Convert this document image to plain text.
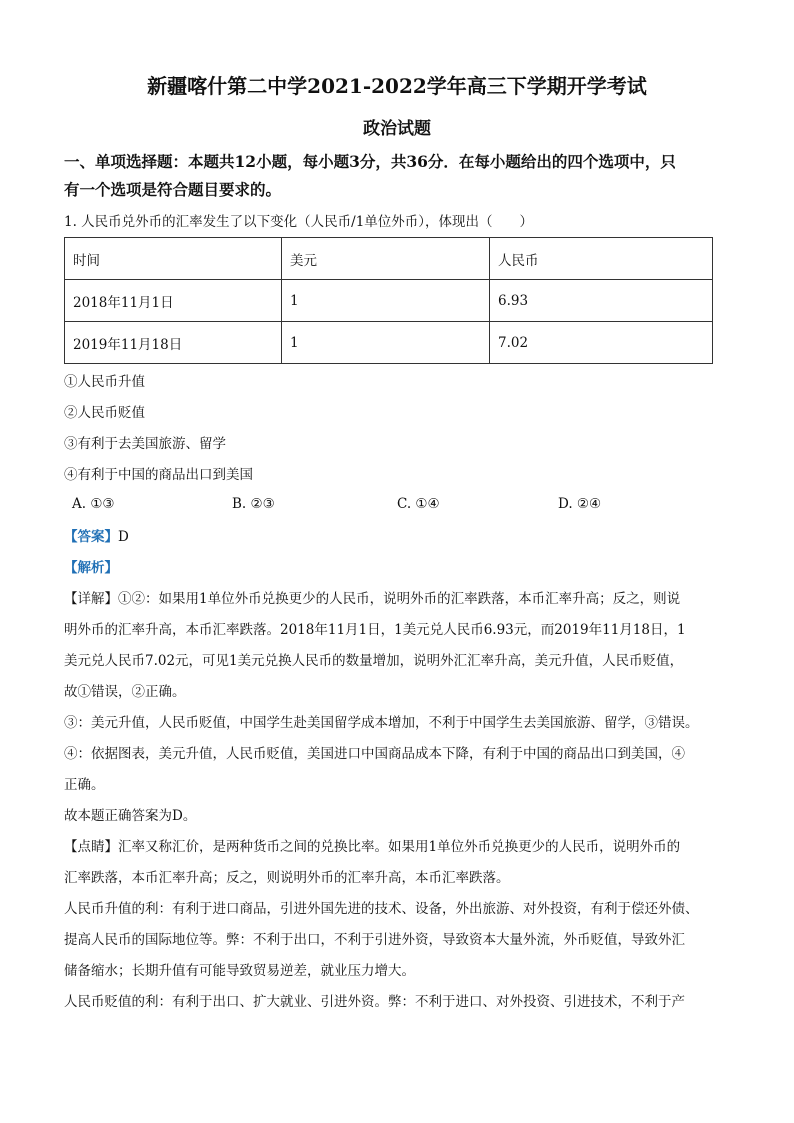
新疆喀什第二中学2021-2022学年高三下学期开学考试
政治试题
一、单项选择题：本题共12小题，每小题3分，共36分．在每小题给出的四个选项中，只
有一个选项是符合题目要求的。
1. 人民币兑外币的汇率发生了以下变化（人民币/1单位外币），体现出（　　）
时间	美元	人民币
2018年11月1日	1	6.93
2019年11月18日	1	7.02
①人民币升值
②人民币贬值
③有利于去美国旅游、留学
④有利于中国的商品出口到美国
A. ①③	B. ②③	C. ①④	D. ②④
【答案】D
【解析】
【详解】①②：如果用1单位外币兑换更少的人民币，说明外币的汇率跌落，本币汇率升高；反之，则说
明外币的汇率升高，本币汇率跌落。2018年11月1日，1美元兑人民币6.93元，而2019年11月18日，1
美元兑人民币7.02元，可见1美元兑换人民币的数量增加，说明外汇汇率升高，美元升值，人民币贬值，
故①错误，②正确。
③：美元升值，人民币贬值，中国学生赴美国留学成本增加，不利于中国学生去美国旅游、留学，③错误。
④：依据图表，美元升值，人民币贬值，美国进口中国商品成本下降，有利于中国的商品出口到美国，④
正确。
故本题正确答案为D。
【点睛】汇率又称汇价，是两种货币之间的兑换比率。如果用1单位外币兑换更少的人民币，说明外币的
汇率跌落，本币汇率升高；反之，则说明外币的汇率升高，本币汇率跌落。
人民币升值的利：有利于进口商品，引进外国先进的技术、设备，外出旅游、对外投资，有利于偿还外债、
提高人民币的国际地位等。弊：不利于出口，不利于引进外资，导致资本大量外流，外币贬值，导致外汇
储备缩水；长期升值有可能导致贸易逆差，就业压力增大。
人民币贬值的利：有利于出口、扩大就业、引进外资。弊：不利于进口、对外投资、引进技术，不利于产
